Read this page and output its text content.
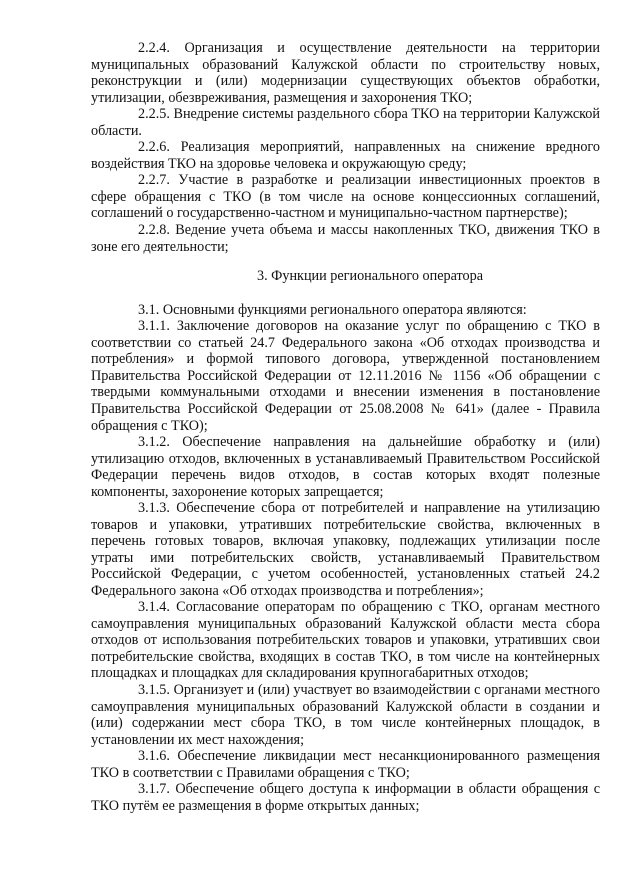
2.2.4. Организация и осуществление деятельности на территории муниципальных образований Калужской области по строительству новых, реконструкции и (или) модернизации существующих объектов обработки, утилизации, обезвреживания, размещения и захоронения ТКО;

2.2.5. Внедрение системы раздельного сбора ТКО на территории Калужской области.

2.2.6. Реализация мероприятий, направленных на снижение вредного воздействия ТКО на здоровье человека и окружающую среду;

2.2.7. Участие в разработке и реализации инвестиционных проектов в сфере обращения с ТКО (в том числе на основе концессионных соглашений, соглашений о государственно-частном и муниципально-частном партнерстве);

2.2.8. Ведение учета объема и массы накопленных ТКО, движения ТКО в зоне его деятельности;

3. Функции регионального оператора

3.1. Основными функциями регионального оператора являются:

3.1.1. Заключение договоров на оказание услуг по обращению с ТКО в соответствии со статьей 24.7 Федерального закона «Об отходах производства и потребления» и формой типового договора, утвержденной постановлением Правительства Российской Федерации от 12.11.2016 № 1156 «Об обращении с твердыми коммунальными отходами и внесении изменения в постановление Правительства Российской Федерации от 25.08.2008 № 641» (далее - Правила обращения с ТКО);

3.1.2. Обеспечение направления на дальнейшие обработку и (или) утилизацию отходов, включенных в устанавливаемый Правительством Российской Федерации перечень видов отходов, в состав которых входят полезные компоненты, захоронение которых запрещается;

3.1.3. Обеспечение сбора от потребителей и направление на утилизацию товаров и упаковки, утративших потребительские свойства, включенных в перечень готовых товаров, включая упаковку, подлежащих утилизации после утраты ими потребительских свойств, устанавливаемый Правительством Российской Федерации, с учетом особенностей, установленных статьей 24.2 Федерального закона «Об отходах производства и потребления»;

3.1.4. Согласование операторам по обращению с ТКО, органам местного самоуправления муниципальных образований Калужской области места сбора отходов от использования потребительских товаров и упаковки, утративших свои потребительские свойства, входящих в состав ТКО, в том числе на контейнерных площадках и площадках для складирования крупногабаритных отходов;

3.1.5. Организует и (или) участвует во взаимодействии с органами местного самоуправления муниципальных образований Калужской области в создании и (или) содержании мест сбора ТКО, в том числе контейнерных площадок, в установлении их мест нахождения;

3.1.6. Обеспечение ликвидации мест несанкционированного размещения ТКО в соответствии с Правилами обращения с ТКО;

3.1.7. Обеспечение общего доступа к информации в области обращения с ТКО путём ее размещения в форме открытых данных;
